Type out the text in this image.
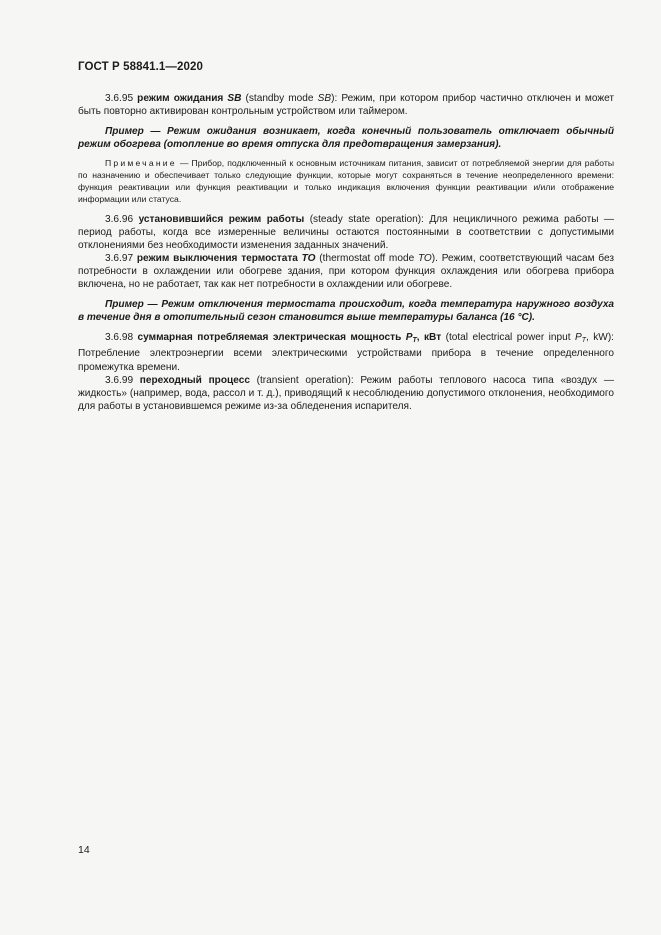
ГОСТ Р 58841.1—2020

3.6.95 режим ожидания SB (standby mode SB): Режим, при котором прибор частично отключен и может быть повторно активирован контрольным устройством или таймером.

Пример — Режим ожидания возникает, когда конечный пользователь отключает обычный режим обогрева (отопление во время отпуска для предотвращения замерзания).

Примечание — Прибор, подключенный к основным источникам питания, зависит от потребляемой энергии для работы по назначению и обеспечивает только следующие функции, которые могут сохраняться в течение неопределенного времени: функция реактивации или функция реактивации и только индикация включения функции реактивации и/или отображение информации или статуса.

3.6.96 установившийся режим работы (steady state operation): Для нецикличного режима работы — период работы, когда все измеренные величины остаются постоянными в соответствии с допустимыми отклонениями без необходимости изменения заданных значений.

3.6.97 режим выключения термостата TO (thermostat off mode TO). Режим, соответствующий часам без потребности в охлаждении или обогреве здания, при котором функция охлаждения или обогрева прибора включена, но не работает, так как нет потребности в охлаждении или обогреве.

Пример — Режим отключения термостата происходит, когда температура наружного воздуха в течение дня в отопительный сезон становится выше температуры баланса (16 °С).

3.6.98 суммарная потребляемая электрическая мощность $P_T$, кВт (total electrical power input $P_T$, kW): Потребление электроэнергии всеми электрическими устройствами прибора в течение определенного промежутка времени.

3.6.99 переходный процесс (transient operation): Режим работы теплового насоса типа «воздух — жидкость» (например, вода, рассол и т. д.), приводящий к несоблюдению допустимого отклонения, необходимого для работы в установившемся режиме из-за обледенения испарителя.

14
